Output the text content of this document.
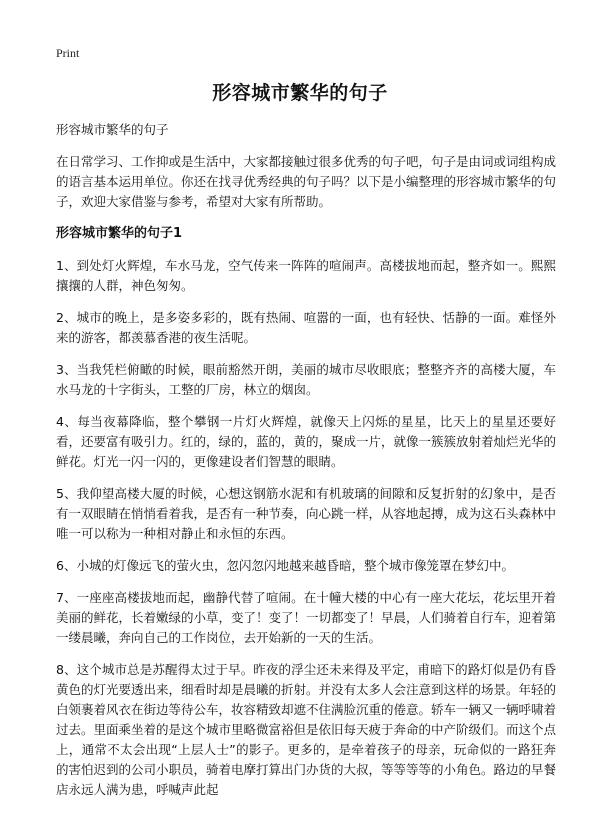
Print
形容城市繁华的句子

形容城市繁华的句子

在日常学习、工作抑或是生活中，大家都接触过很多优秀的句子吧，句子是由词或词组构成的语言基本运用单位。你还在找寻优秀经典的句子吗？以下是小编整理的形容城市繁华的句子，欢迎大家借鉴与参考，希望对大家有所帮助。

形容城市繁华的句子1

1、到处灯火辉煌，车水马龙，空气传来一阵阵的喧闹声。高楼拔地而起，整齐如一。熙熙攘攘的人群，神色匆匆。

2、城市的晚上，是多姿多彩的，既有热闹、喧嚣的一面，也有轻快、恬静的一面。难怪外来的游客，都羡慕香港的夜生活呢。

3、当我凭栏俯瞰的时候，眼前豁然开朗，美丽的城市尽收眼底；整整齐齐的高楼大厦，车水马龙的十字街头，工整的厂房，林立的烟囱。

4、每当夜幕降临，整个攀钢一片灯火辉煌，就像天上闪烁的星星，比天上的星星还要好看，还要富有吸引力。红的，绿的，蓝的，黄的，聚成一片，就像一簇簇放射着灿烂光华的鲜花。灯光一闪一闪的，更像建设者们智慧的眼睛。

5、我仰望高楼大厦的时候，心想这钢筋水泥和有机玻璃的间隙和反复折射的幻象中，是否有一双眼睛在悄悄看着我，是否有一种节奏，向心跳一样，从容地起搏，成为这石头森林中唯一可以称为一种相对静止和永恒的东西。

6、小城的灯像远飞的萤火虫，忽闪忽闪地越来越昏暗，整个城市像笼罩在梦幻中。

7、一座座高楼拔地而起，幽静代替了喧闹。在十幢大楼的中心有一座大花坛，花坛里开着美丽的鲜花，长着嫩绿的小草，变了！变了！一切都变了！早晨，人们骑着自行车，迎着第一缕晨曦，奔向自己的工作岗位，去开始新的一天的生活。

8、这个城市总是苏醒得太过于早。昨夜的浮尘还未来得及平定，甫暗下的路灯似是仍有昏黄色的灯光要透出来，细看时却是晨曦的折射。并没有太多人会注意到这样的场景。年轻的白领裹着风衣在街边等待公车，妆容精致却遮不住满脸沉重的倦意。轿车一辆又一辆呼啸着过去。里面乘坐着的是这个城市里略微富裕但是依旧每天疲于奔命的中产阶级们。而这个点上，通常不太会出现“上层人士”的影子。更多的，是牵着孩子的母亲，玩命似的一路狂奔的害怕迟到的公司小职员，骑着电摩打算出门办货的大叔，等等等等的小角色。路边的早餐店永远人满为患，呼喊声此起
